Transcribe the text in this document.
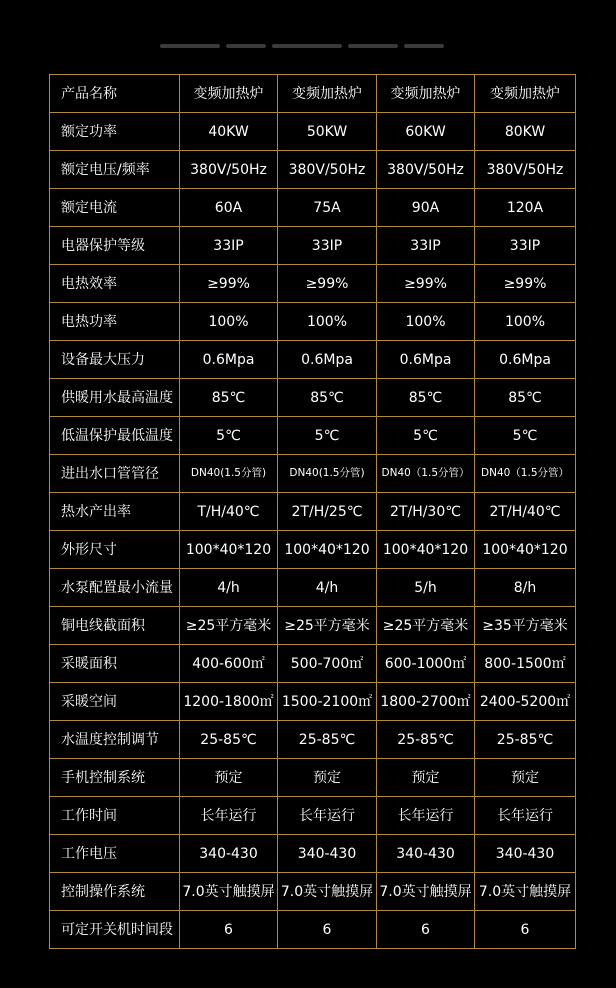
产品名称	变频加热炉	变频加热炉	变频加热炉	变频加热炉
额定功率	40KW	50KW	60KW	80KW
额定电压/频率	380V/50Hz	380V/50Hz	380V/50Hz	380V/50Hz
额定电流	60A	75A	90A	120A
电器保护等级	33IP	33IP	33IP	33IP
电热效率	≥99%	≥99%	≥99%	≥99%
电热功率	100%	100%	100%	100%
设备最大压力	0.6Mpa	0.6Mpa	0.6Mpa	0.6Mpa
供暖用水最高温度	85℃	85℃	85℃	85℃
低温保护最低温度	5℃	5℃	5℃	5℃
进出水口管管径	DN40(1.5分管)	DN40(1.5分管)	DN40（1.5分管）	DN40（1.5分管）
热水产出率	T/H/40℃	2T/H/25℃	2T/H/30℃	2T/H/40℃
外形尺寸	100*40*120	100*40*120	100*40*120	100*40*120
水泵配置最小流量	4/h	4/h	5/h	8/h
铜电线截面积	≥25平方毫米	≥25平方毫米	≥25平方毫米	≥35平方毫米
采暖面积	400-600㎡	500-700㎡	600-1000㎡	800-1500㎡
采暖空间	1200-1800㎡	1500-2100㎡	1800-2700㎡	2400-5200㎡
水温度控制调节	25-85℃	25-85℃	25-85℃	25-85℃
手机控制系统	预定	预定	预定	预定
工作时间	长年运行	长年运行	长年运行	长年运行
工作电压	340-430	340-430	340-430	340-430
控制操作系统	7.0英寸触摸屏	7.0英寸触摸屏	7.0英寸触摸屏	7.0英寸触摸屏
可定开关机时间段	6	6	6	6
